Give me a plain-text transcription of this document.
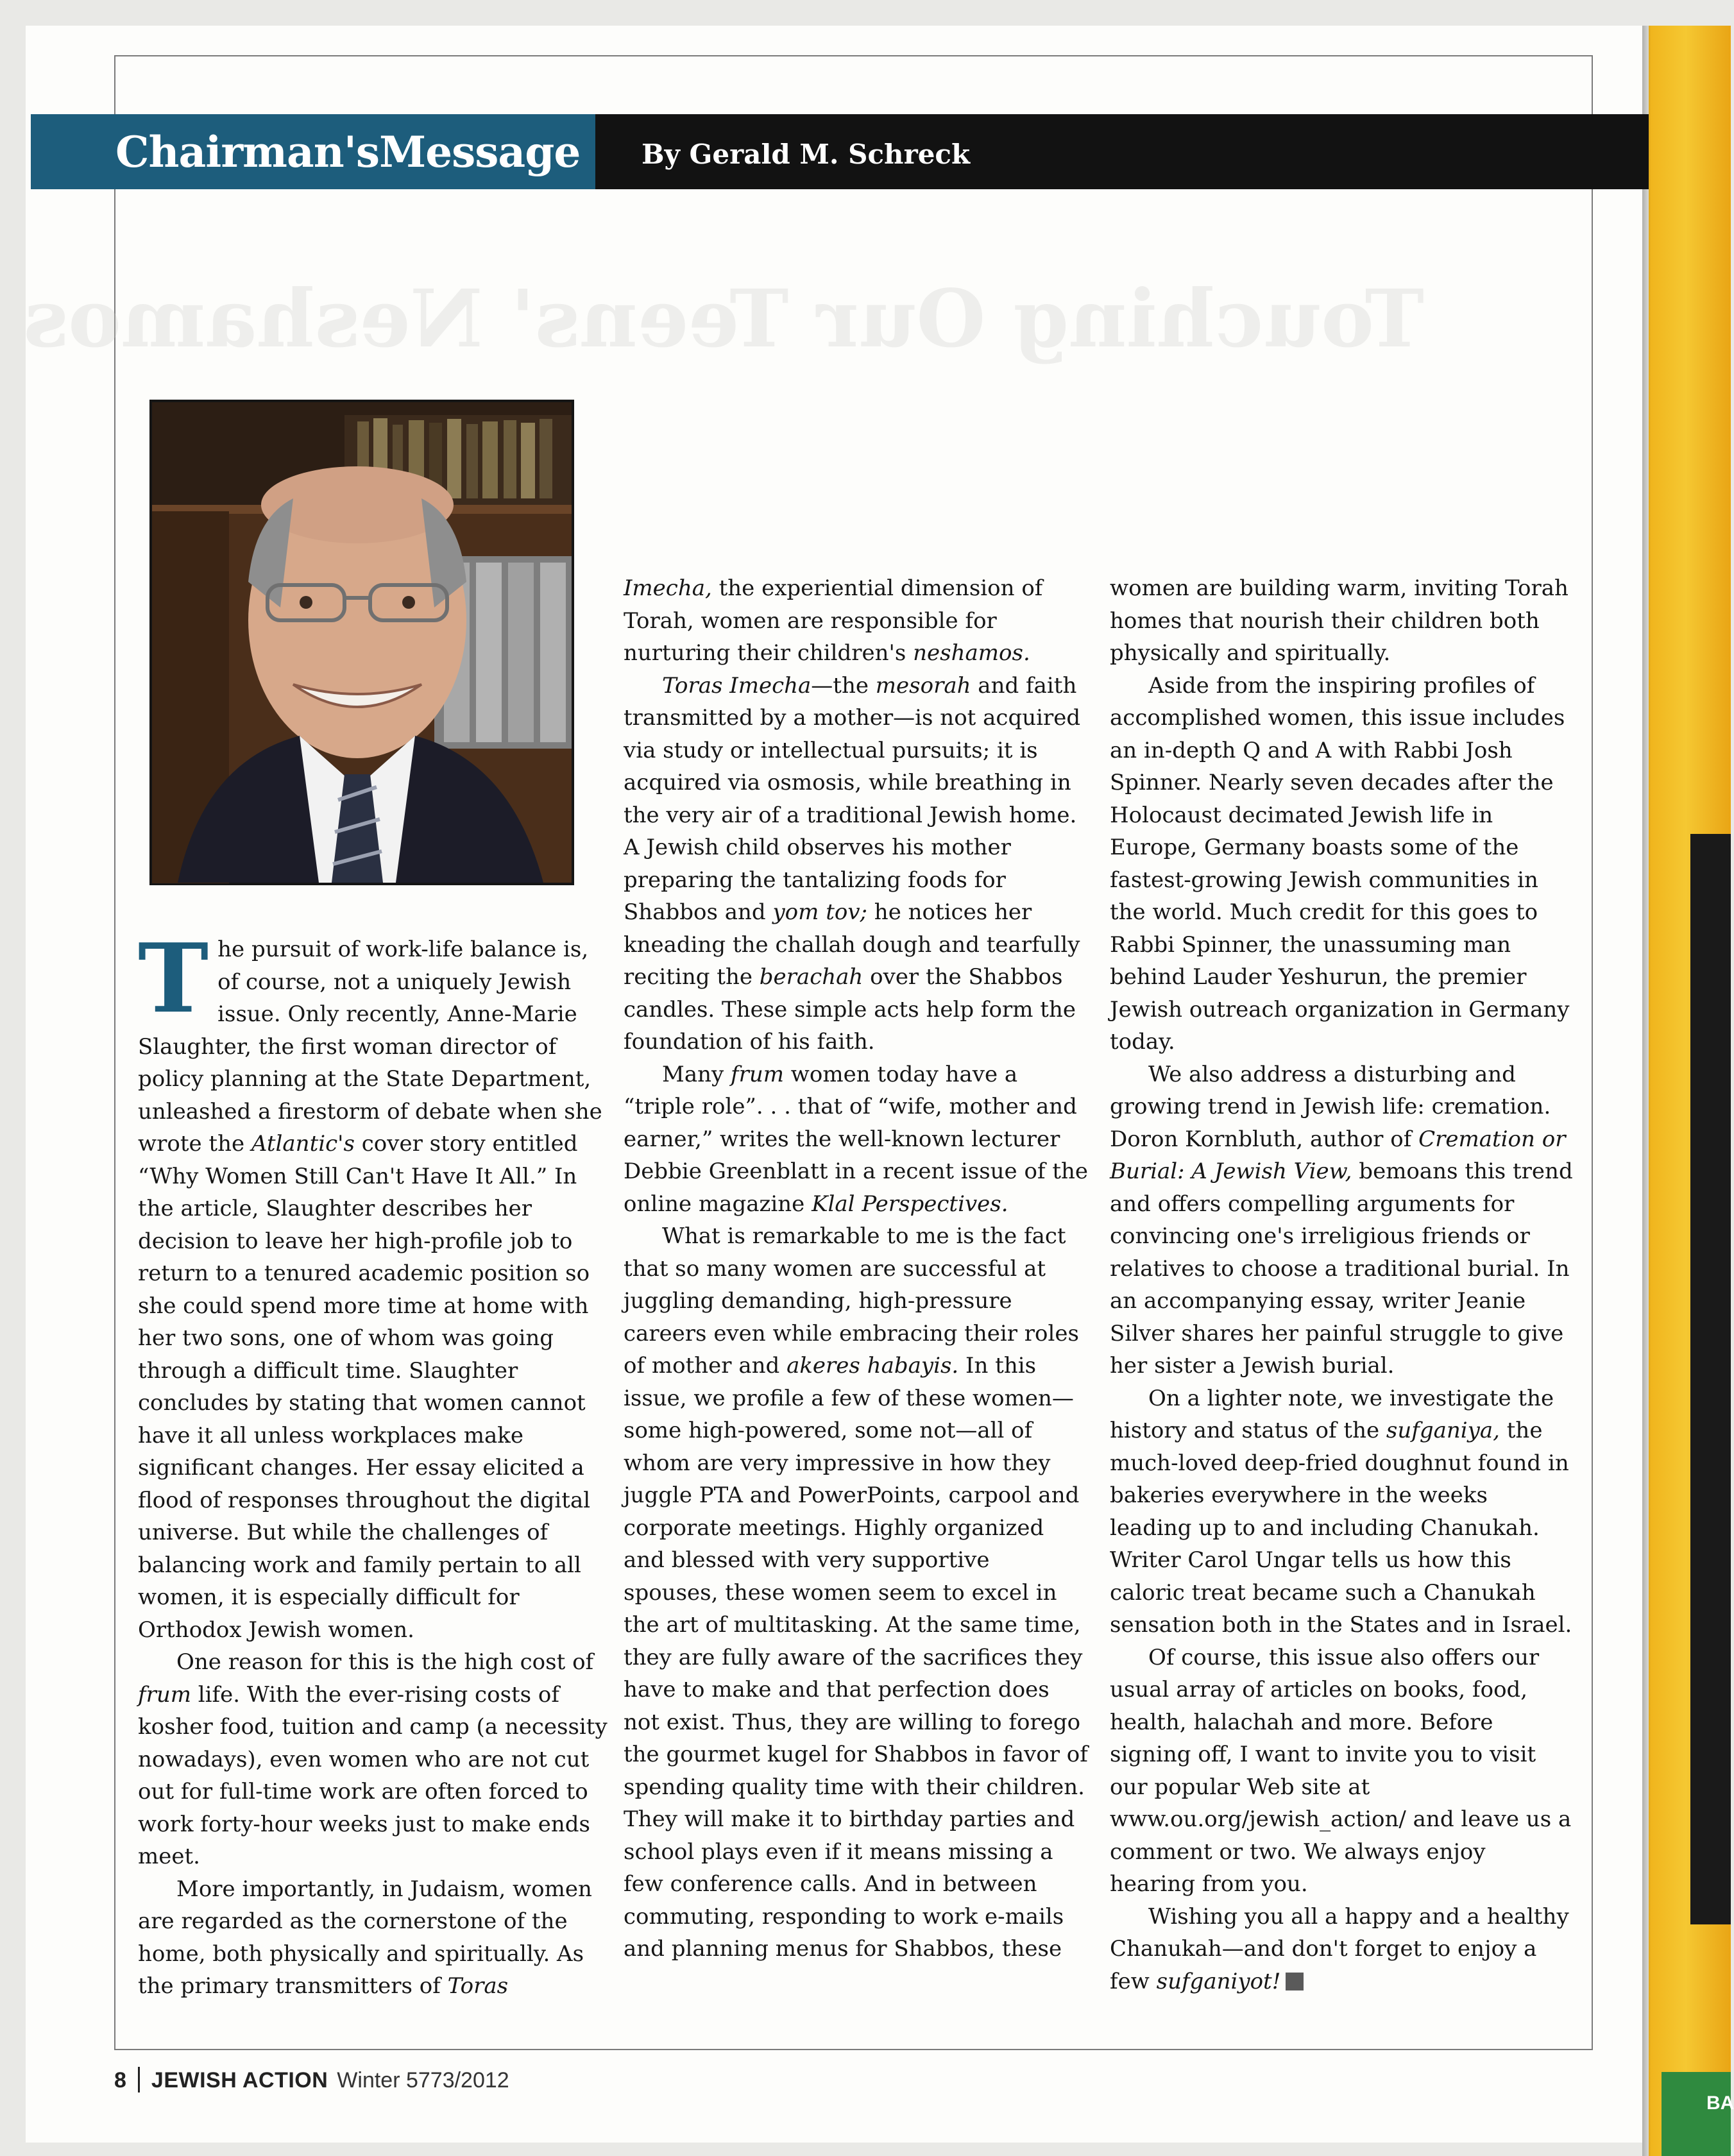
BA
Chairman'sMessage By Gerald M. Schreck
Touching Our Teens' Neshamos

The pursuit of work-life balance is, of course, not a uniquely Jewish issue. Only recently, Anne-Marie Slaughter, the first woman director of policy planning at the State Department, unleashed a firestorm of debate when she wrote the Atlantic's cover story entitled “Why Women Still Can't Have It All.” In the article, Slaughter describes her decision to leave her high-profile job to return to a tenured academic position so she could spend more time at home with her two sons, one of whom was going through a difficult time. Slaughter concludes by stating that women cannot have it all unless workplaces make significant changes. Her essay elicited a flood of responses throughout the digital universe. But while the challenges of balancing work and family pertain to all women, it is especially difficult for Orthodox Jewish women.

One reason for this is the high cost of frum life. With the ever-rising costs of kosher food, tuition and camp (a necessity nowadays), even women who are not cut out for full-time work are often forced to work forty-hour weeks just to make ends meet.

More importantly, in Judaism, women are regarded as the cornerstone of the home, both physically and spiritually. As the primary transmitters of Toras

Imecha, the experiential dimension of Torah, women are responsible for nurturing their children's neshamos.

Toras Imecha—the mesorah and faith transmitted by a mother—is not acquired via study or intellectual pursuits; it is acquired via osmosis, while breathing in the very air of a traditional Jewish home. A Jewish child observes his mother preparing the tantalizing foods for Shabbos and yom tov; he notices her kneading the challah dough and tearfully reciting the berachah over the Shabbos candles. These simple acts help form the foundation of his faith.

Many frum women today have a “triple role”. . . that of “wife, mother and earner,” writes the well-known lecturer Debbie Greenblatt in a recent issue of the online magazine Klal Perspectives.

What is remarkable to me is the fact that so many women are successful at juggling demanding, high-pressure careers even while embracing their roles of mother and akeres habayis. In this issue, we profile a few of these women—some high-powered, some not—all of whom are very impressive in how they juggle PTA and PowerPoints, carpool and corporate meetings. Highly organized and blessed with very supportive spouses, these women seem to excel in the art of multitasking. At the same time, they are fully aware of the sacrifices they have to make and that perfection does not exist. Thus, they are willing to forego the gourmet kugel for Shabbos in favor of spending quality time with their children. They will make it to birthday parties and school plays even if it means missing a few conference calls. And in between commuting, responding to work e-mails and planning menus for Shabbos, these

women are building warm, inviting Torah homes that nourish their children both physically and spiritually.

Aside from the inspiring profiles of accomplished women, this issue includes an in-depth Q and A with Rabbi Josh Spinner. Nearly seven decades after the Holocaust decimated Jewish life in Europe, Germany boasts some of the fastest-growing Jewish communities in the world. Much credit for this goes to Rabbi Spinner, the unassuming man behind Lauder Yeshurun, the premier Jewish outreach organization in Germany today.

We also address a disturbing and growing trend in Jewish life: cremation. Doron Kornbluth, author of Cremation or Burial: A Jewish View, bemoans this trend and offers compelling arguments for convincing one's irreligious friends or relatives to choose a traditional burial. In an accompanying essay, writer Jeanie Silver shares her painful struggle to give her sister a Jewish burial.

On a lighter note, we investigate the history and status of the sufganiya, the much-loved deep-fried doughnut found in bakeries everywhere in the weeks leading up to and including Chanukah. Writer Carol Ungar tells us how this caloric treat became such a Chanukah sensation both in the States and in Israel.

Of course, this issue also offers our usual array of articles on books, food, health, halachah and more. Before signing off, I want to invite you to visit our popular Web site at www.ou.org/jewish_action/ and leave us a comment or two. We always enjoy hearing from you.

Wishing you all a happy and a healthy Chanukah—and don't forget to enjoy a few sufganiyot!

8 JEWISH ACTION Winter 5773/2012
